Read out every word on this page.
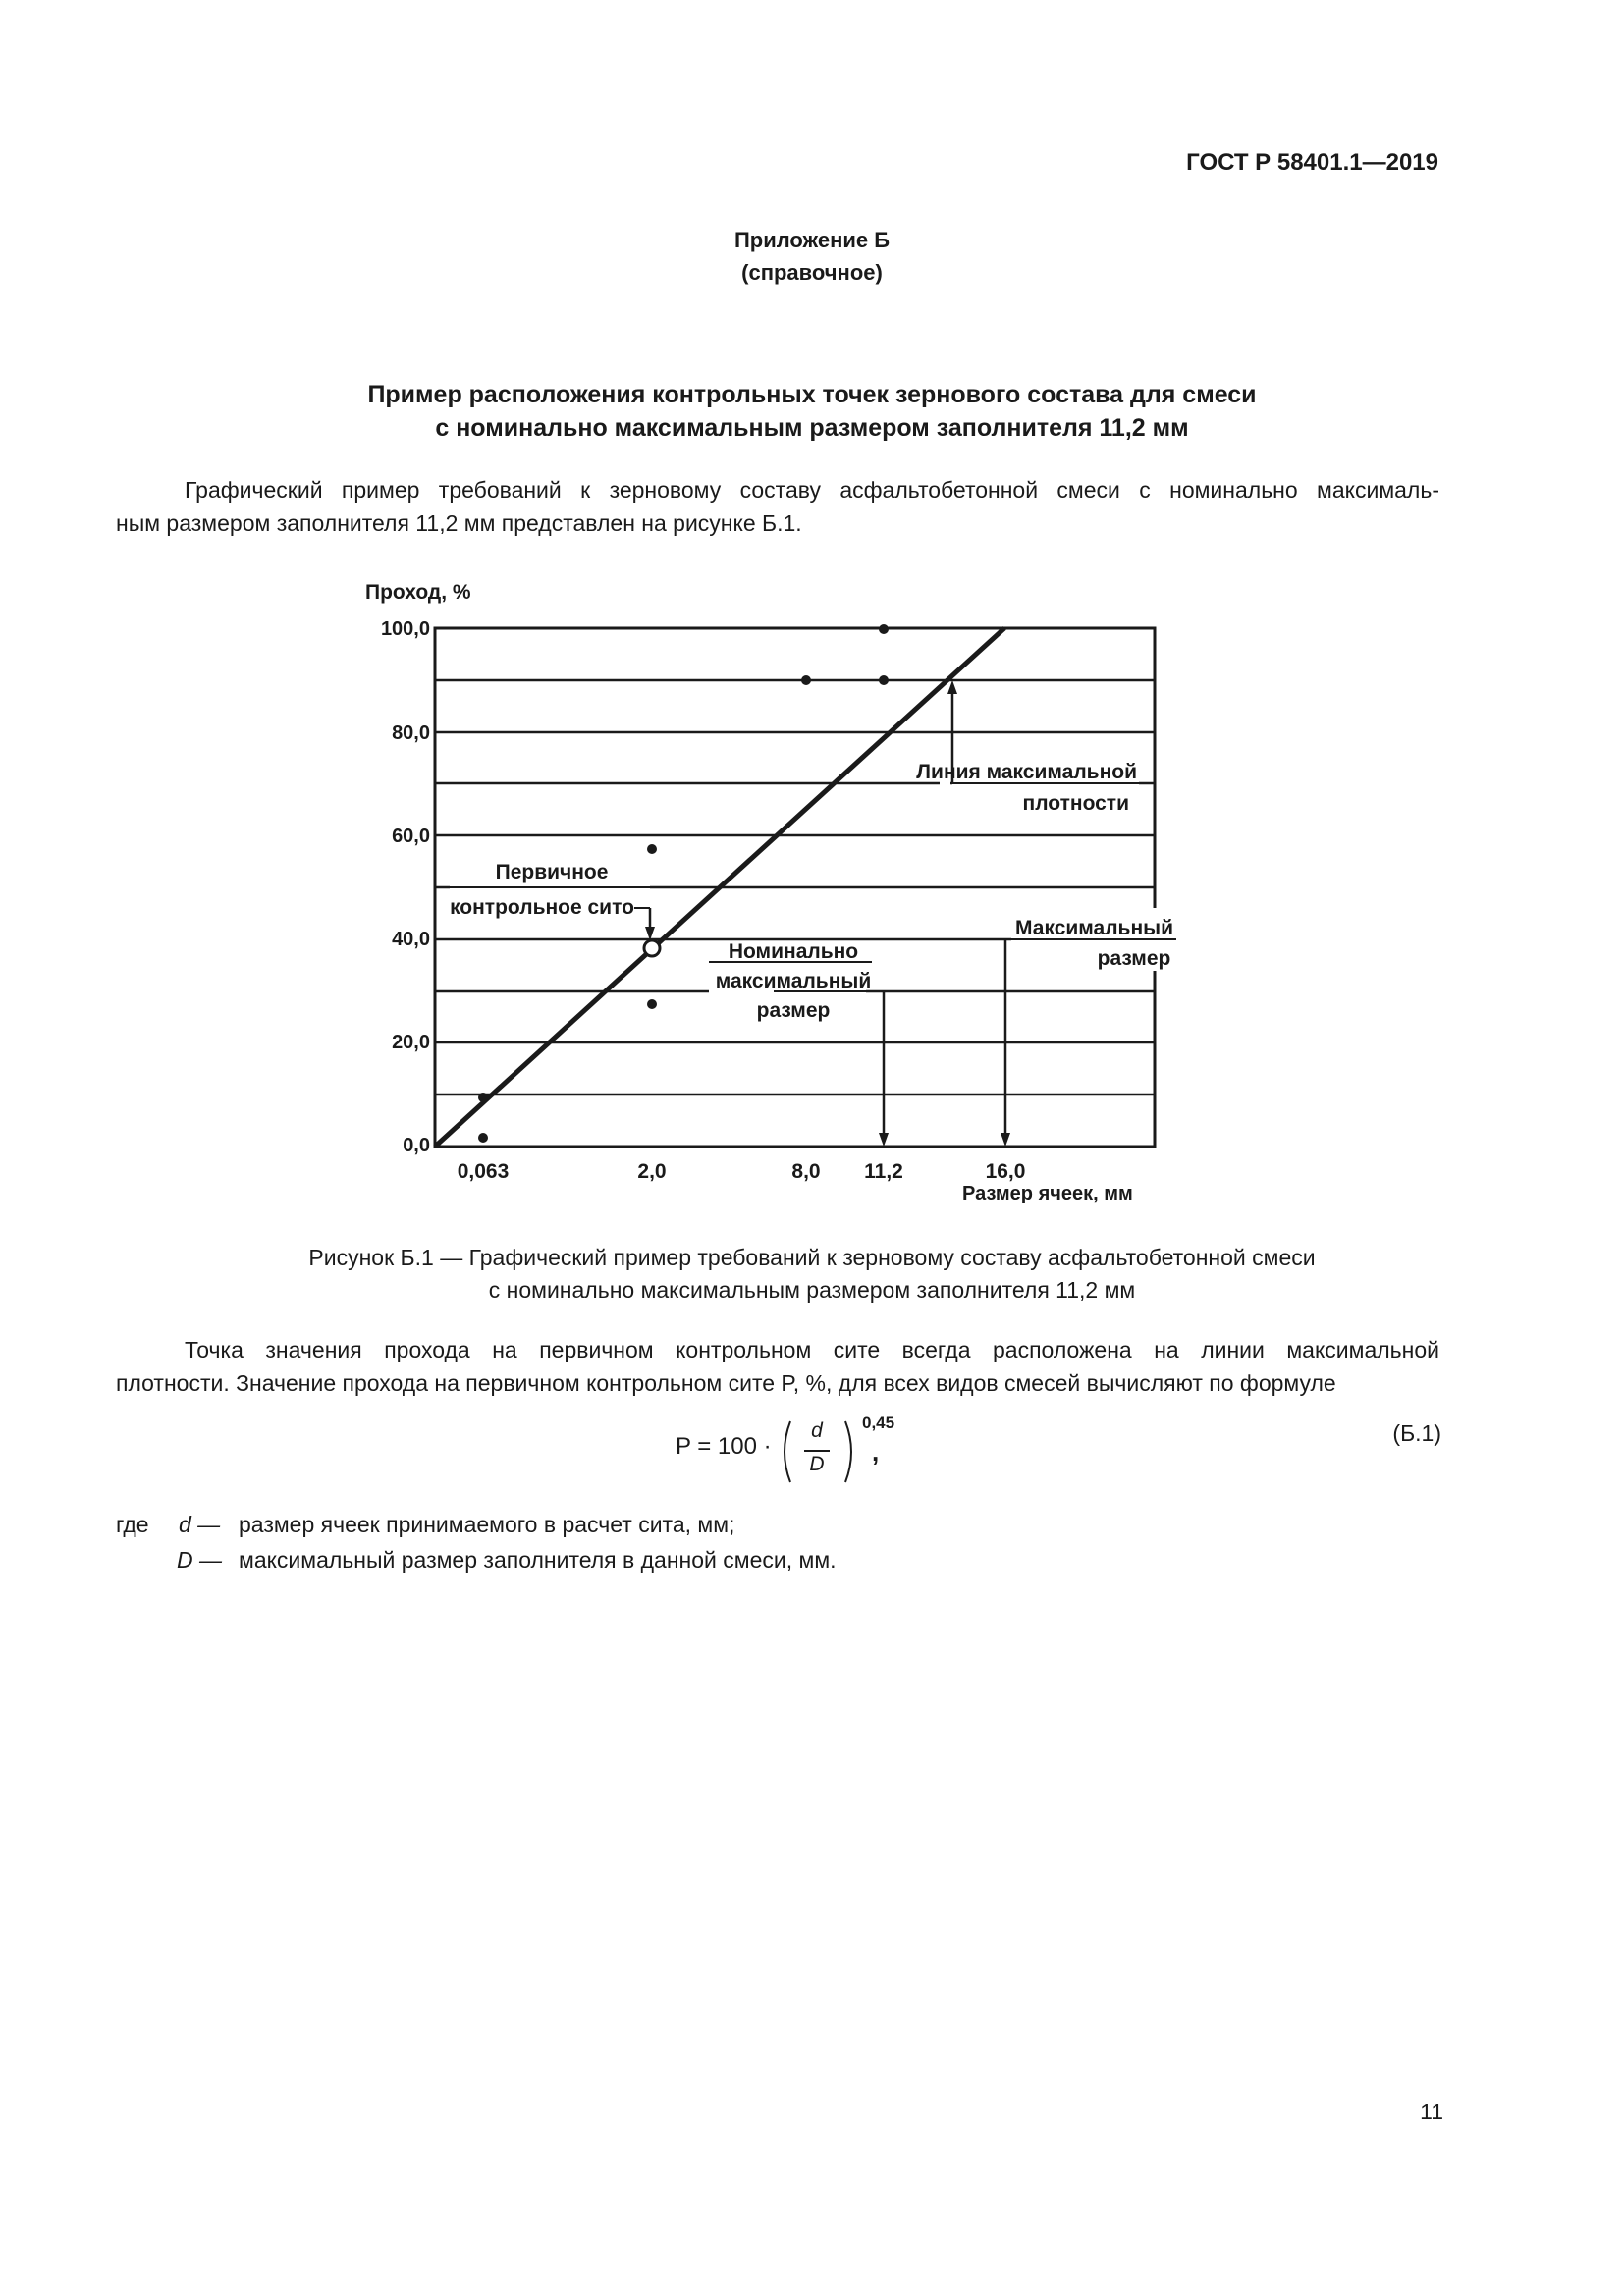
ГОСТ Р 58401.1—2019
Приложение Б
(справочное)
Пример расположения контрольных точек зернового состава для смеси
с номинально максимальным размером заполнителя 11,2 мм
Графический пример требований к зерновому составу асфальтобетонной смеси с номинально максималь-
ным размером заполнителя 11,2 мм представлен на рисунке Б.1.
Проход, %
Размер ячеек, мм
100,0
80,0
60,0
40,0
20,0
0,0
0,063	2,0	8,0 11,2	16,0
Линия максимальной
плотности
Первичное
контрольное сито
Номинально
максимальный
размер
Максимальный
размер
Рисунок Б.1 — Графический пример требований к зерновому составу асфальтобетонной смеси
с номинально максимальным размером заполнителя 11,2 мм
Точка значения прохода на первичном контрольном сите всегда расположена на линии максимальной
плотности. Значение прохода на первичном контрольном сите P, %, для всех видов смесей вычисляют по формуле
P = 100 ·
d
D
0,45
,
(Б.1)
где d — размер ячеек принимаемого в расчет сита, мм;
D — максимальный размер заполнителя в данной смеси, мм.
11
